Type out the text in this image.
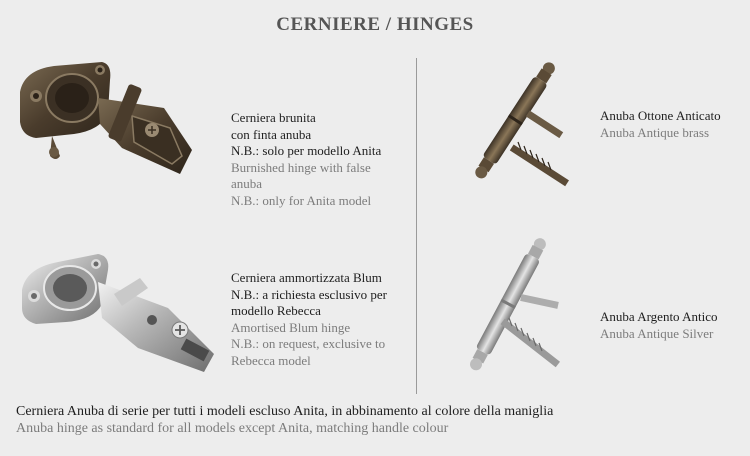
CERNIERE / HINGES
Cerniera brunita
con finta anuba
N.B.: solo per modello Anita
Burnished hinge with false
anuba
N.B.: only for Anita model
Cerniera ammortizzata Blum
N.B.: a richiesta esclusivo per
modello Rebecca
Amortised Blum hinge
N.B.: on request, exclusive to
Rebecca model
Anuba Ottone Anticato
Anuba Antique brass
Anuba Argento Antico
Anuba Antique Silver
Cerniera Anuba di serie per tutti i modeli escluso Anita, in abbinamento al colore della maniglia
Anuba hinge as standard for all models except Anita, matching handle colour
